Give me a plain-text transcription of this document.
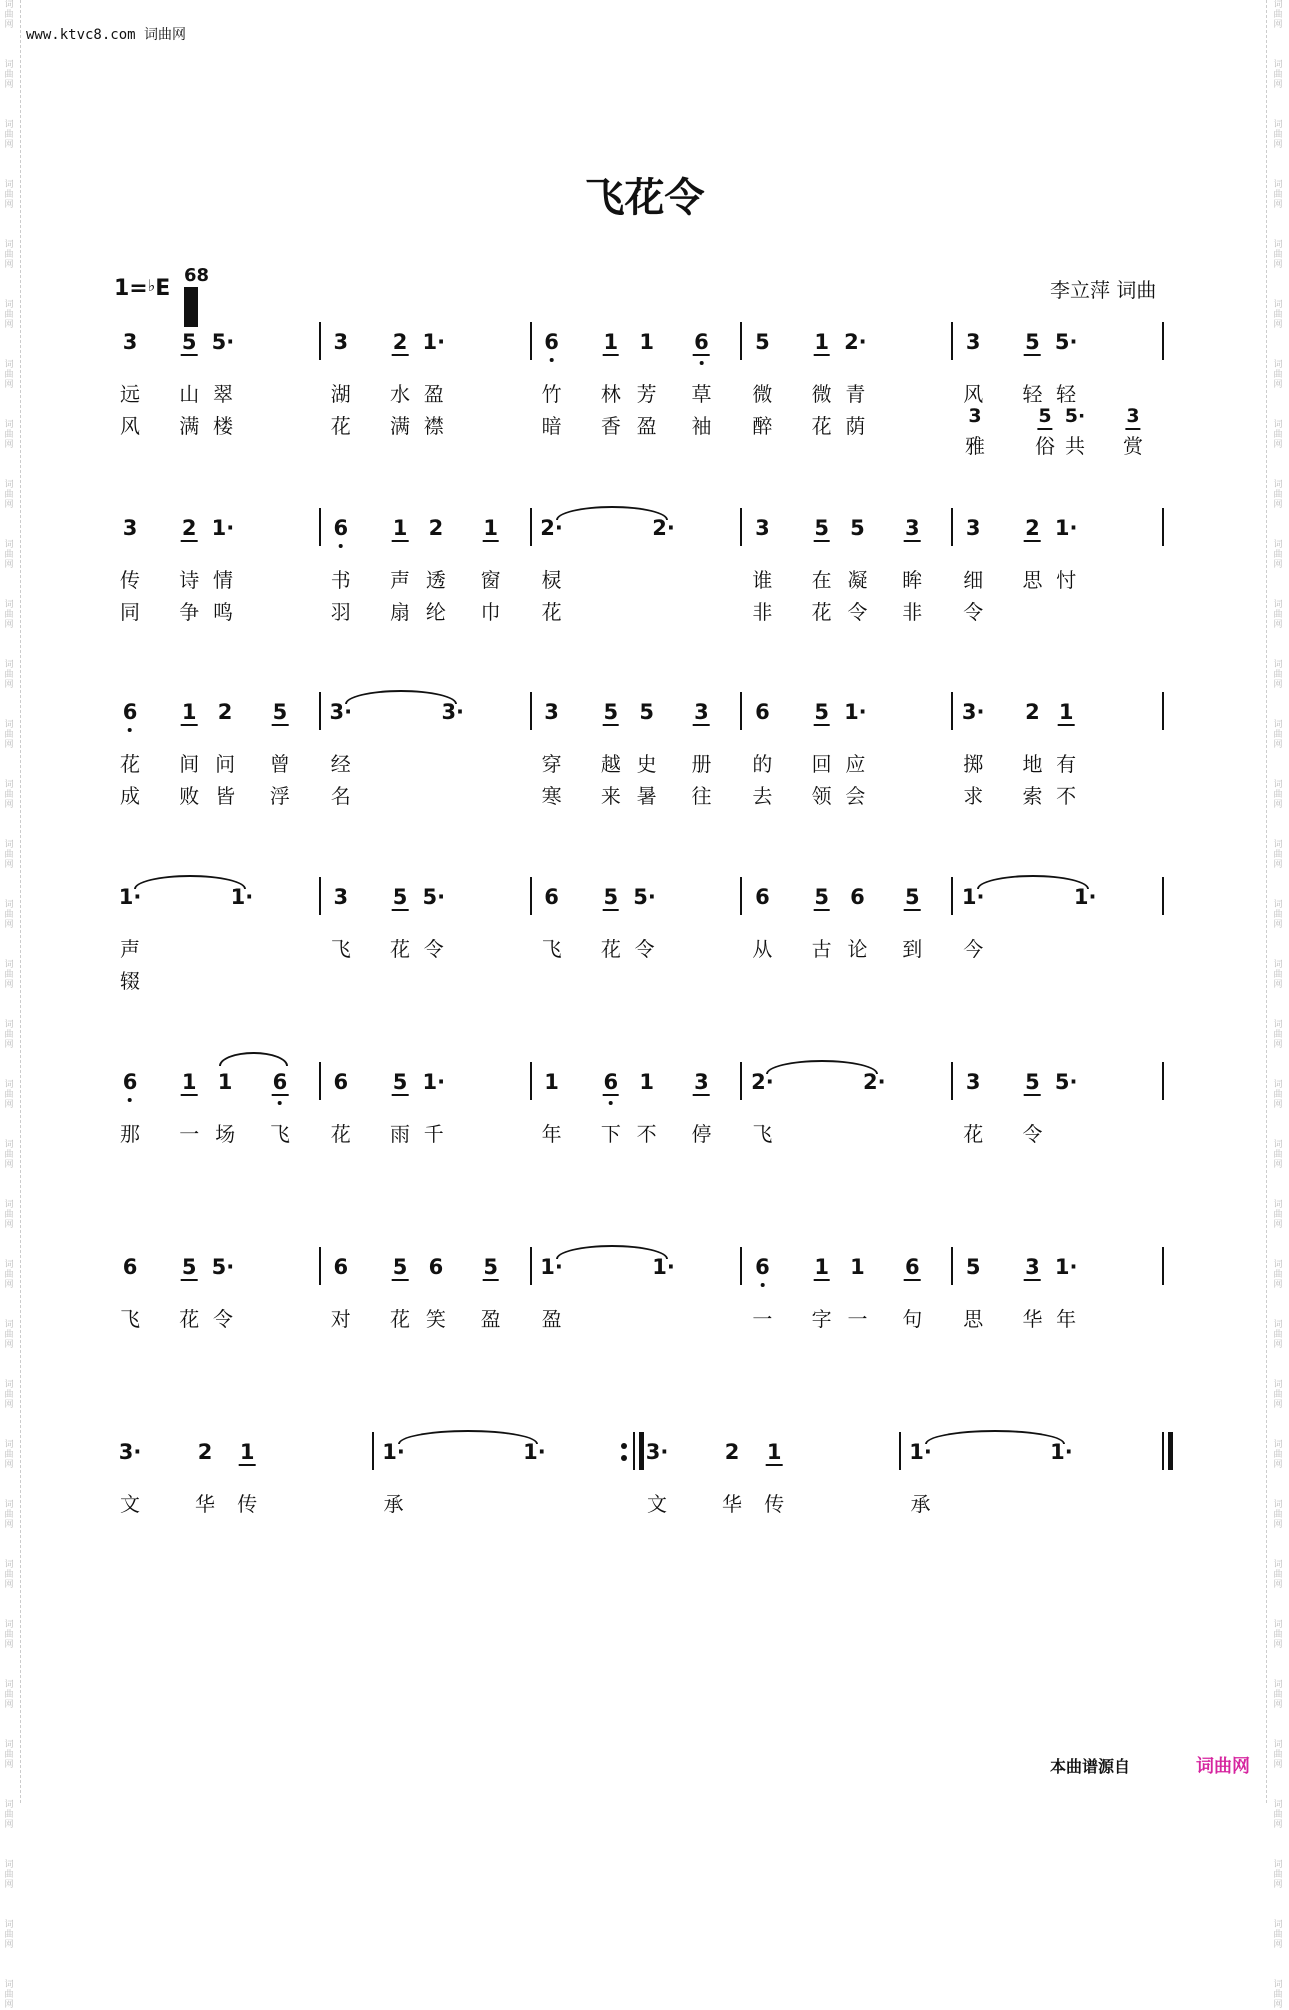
词
曲
网
词
曲
网
词
曲
网
词
曲
网
词
曲
网
词
曲
网
词
曲
网
词
曲
网
词
曲
网
词
曲
网
词
曲
网
词
曲
网
词
曲
网
词
曲
网
词
曲
网
词
曲
网
词
曲
网
词
曲
网
词
曲
网
词
曲
网
词
曲
网
词
曲
网
词
曲
网
词
曲
网
词
曲
网
词
曲
网
词
曲
网
词
曲
网
词
曲
网
词
曲
网
词
曲
网
词
曲
网
词
曲
网
词
曲
网
词
曲
网
词
曲
网
词
曲
网
词
曲
网
词
曲
网
词
曲
网
词
曲
网
词
曲
网
词
曲
网
词
曲
网
词
曲
网
词
曲
网
词
曲
网
词
曲
网
词
曲
网
词
曲
网
词
曲
网
词
曲
网
词
曲
网
词
曲
网
词
曲
网
词
曲
网
词
曲
网
词
曲
网
词
曲
网
词
曲
网
词
曲
网
词
曲
网
词
曲
网
词
曲
网
词
曲
网
词
曲
网
词
曲
网
词
曲
网
www.ktvc8.com 词曲网
飞花令
1=♭E
6
8
李立萍 词曲
3 5 5·	3 2 1·	6 1 1 6 5 1 2·	3 5 5·
远 山 翠	湖 水 盈	竹 林 芳 草 微 微 青	风 轻 轻
风 满 楼	花 满 襟	暗 香 盈 袖 醉 花 荫
雅	俗 共 赏
3	5 5· 3
3 2 1·	6 1 2 1 2·	2·	3 5 5 3 3 2 1·
传 诗 情	书 声 透 窗 棂	谁 在 凝 眸 细 思 忖
同 争 鸣	羽 扇 纶 巾 花	非 花 令 非 令
6 1 2 5 3·	3·	3 5 5 3 6 5 1·	3· 2 1
花 间 问 曾 经	穿 越 史 册 的 回 应	掷 地 有
成 败 皆 浮 名	寒 来 暑 往 去 领 会	求 索 不
1·	1·	3 5 5·	6 5 5·	6 5 6 5 1·	1·
声	飞 花 令	飞 花 令	从 古 论 到 今
辍
6 1 1 6 6 5 1·	1 6 1 3 2·	2·	3 5 5·
那 一 场 飞 花 雨 千	年 下 不 停 飞	花 令
6 5 5·	6 5 6 5 1·	1·	6 1 1 6 5 3 1·
飞 花 令	对 花 笑 盈 盈	一 字 一 句 思 华 年
3·	2 1	1·	1·	3·	2 1	1·	1·
文	华 传	承	文	华 传	承
本曲谱源自	词曲网
